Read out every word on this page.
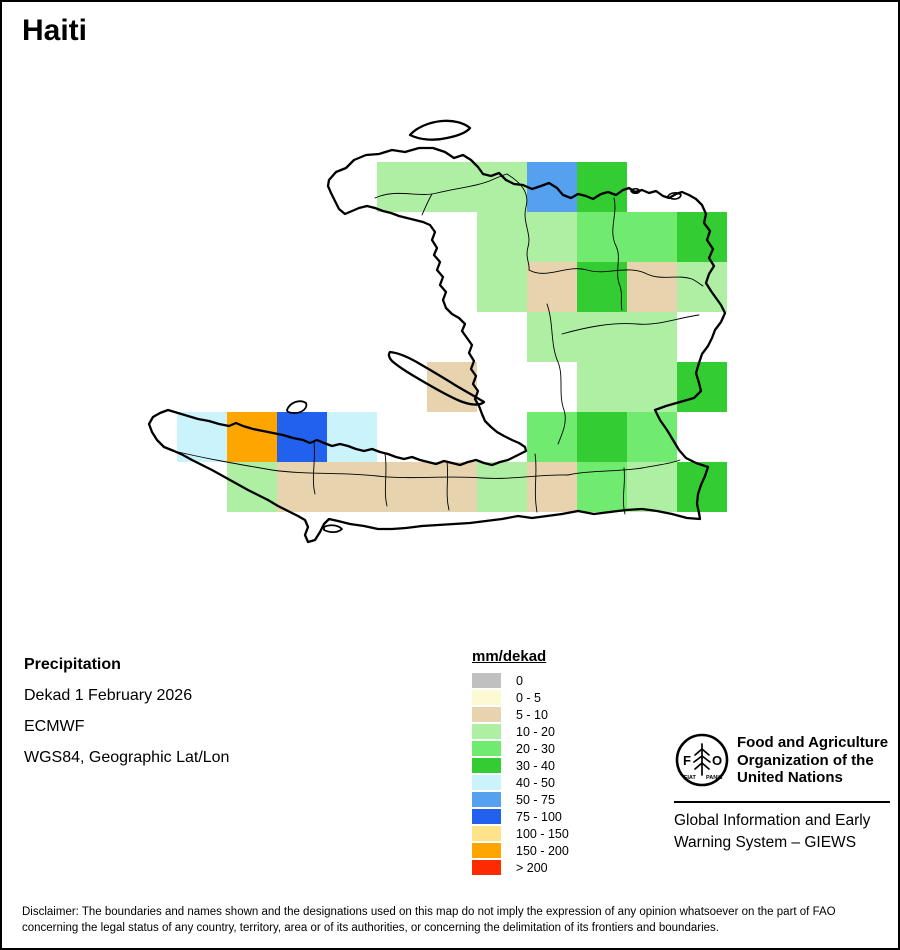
Haiti
mm/dekad
0
0 - 5
5 - 10
10 - 20
20 - 30
30 - 40
40 - 50
50 - 75
75 - 100
100 - 150
150 - 200
> 200
Precipitation
Dekad 1 February 2026
ECMWF
WGS84, Geographic Lat/Lon	F O
FIAT PANIS
Food and Agriculture
Organization of the
United Nations
Global Information and Early
Warning System – GIEWS
Disclaimer: The boundaries and names shown and the designations used on this map do not imply the expression of any opinion whatsoever on the part of FAO
concerning the legal status of any country, territory, area or of its authorities, or concerning the delimitation of its frontiers and boundaries.
